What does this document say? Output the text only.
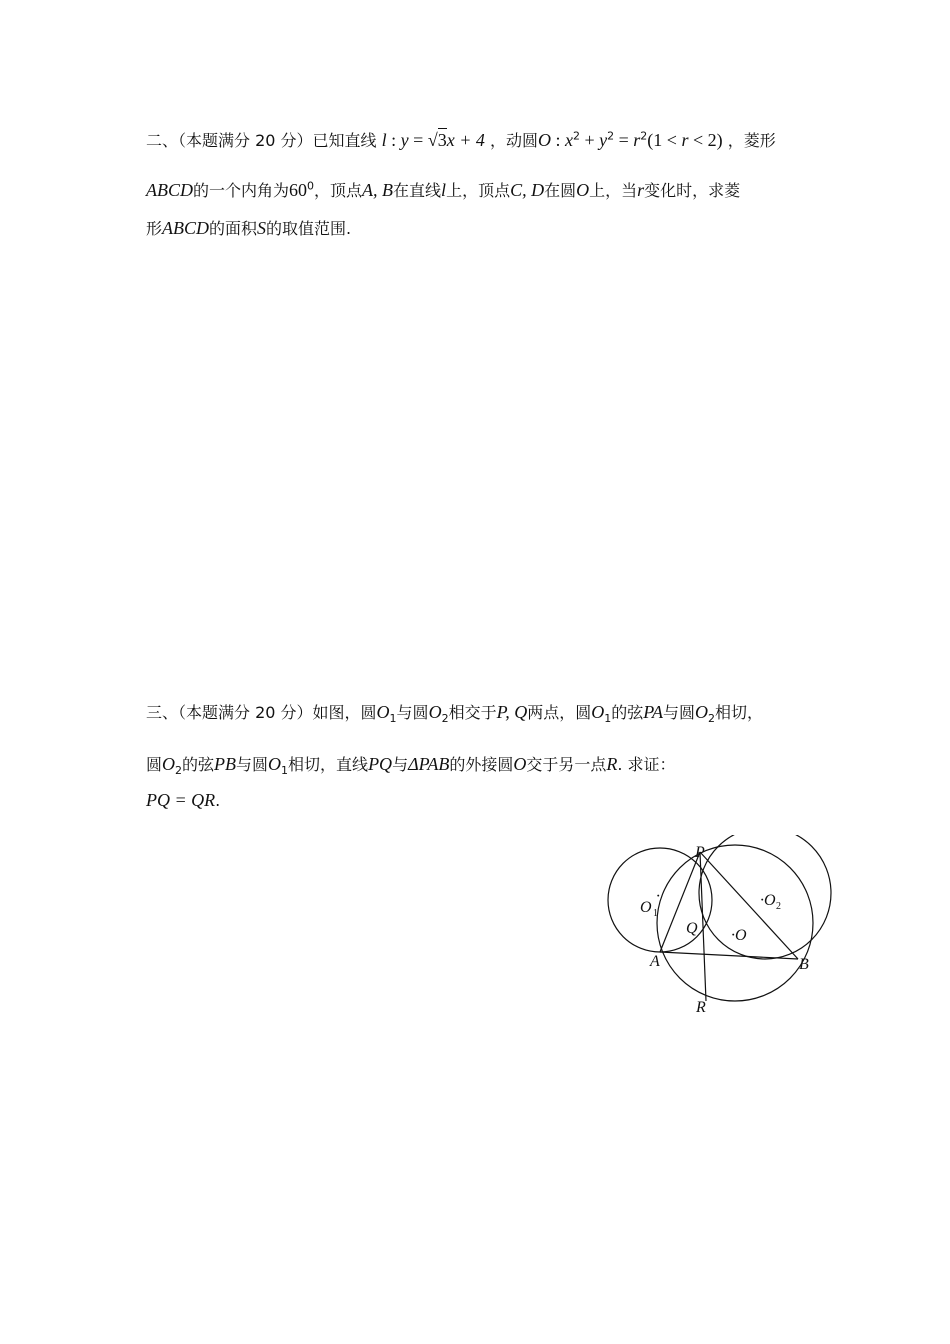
二、（本题满分 20 分）已知直线 l : y = √3x + 4 ，动圆O : $x^2 + y^2 = r^2(1 < r < 2)$ ，菱形
ABCD的一个内角为$60^0$，顶点A, B在直线l上，顶点C, D在圆O上，当r变化时，求菱
形ABCD的面积S的取值范围.
三、（本题满分 20 分）如图，圆$O_1$与圆$O_2$相交于P, Q两点，圆$O_1$的弦PA与圆$O_2$相切，
圆$O_2$的弦PB与圆$O_1$相切，直线PQ与ΔPAB的外接圆O交于另一点R. 求证：
PQ = QR.
P
A	B
Q
R
O 1
·	·O 2
·O
